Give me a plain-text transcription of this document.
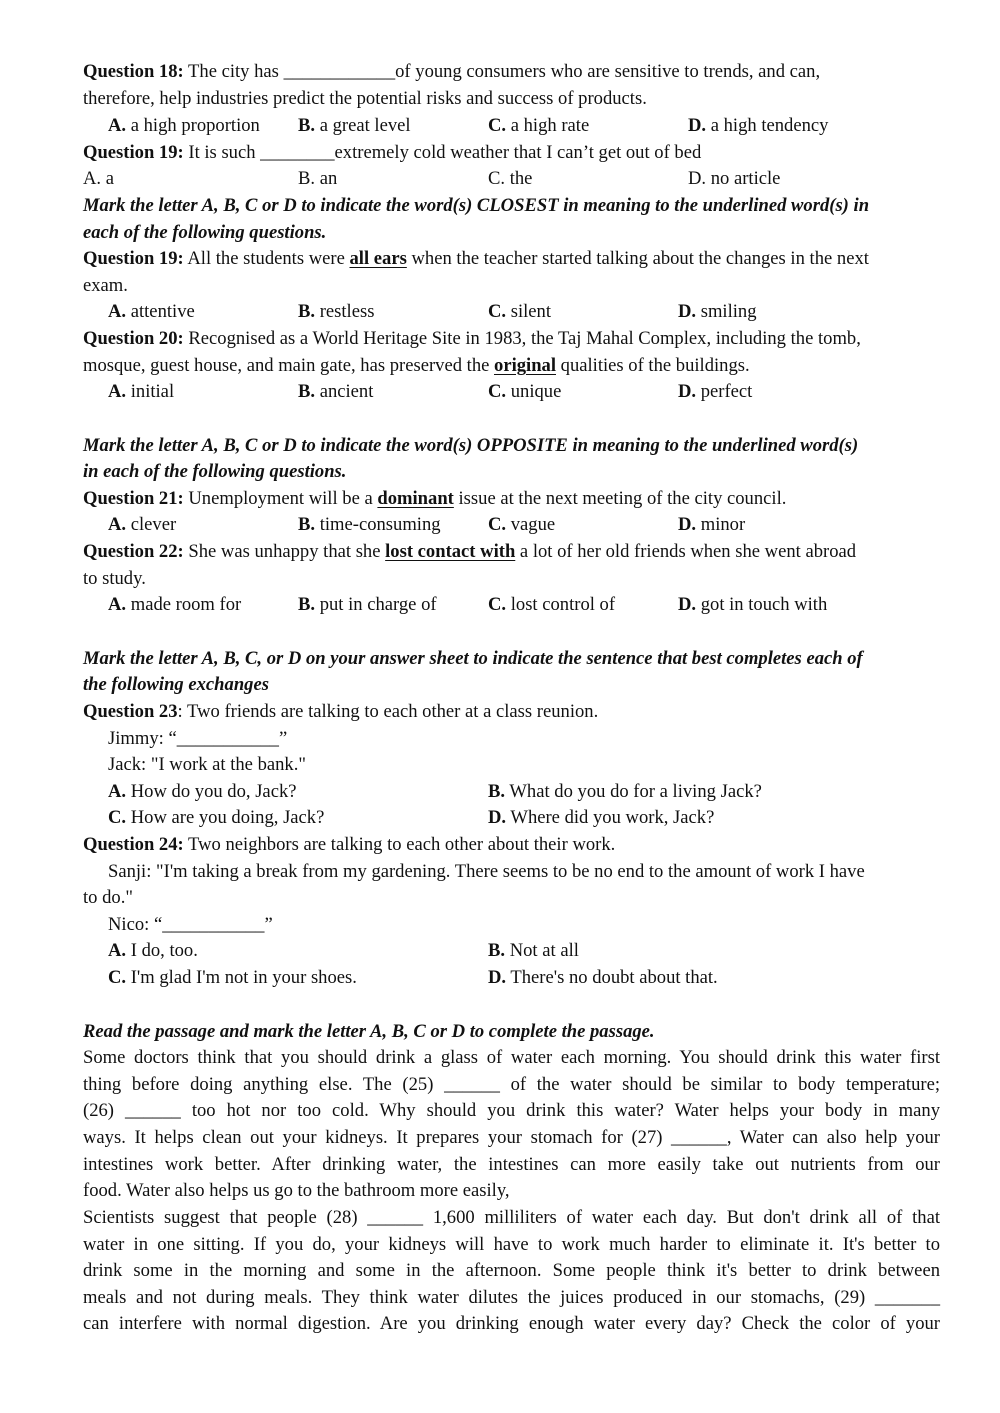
Question 18: The city has ____________of young consumers who are sensitive to trends, and can,
therefore, help industries predict the potential risks and success of products.
A. a high proportion B. a great level	C. a high rate	D. a high tendency
Question 19: It is such ________extremely cold weather that I can’t get out of bed
A. a	B. an	C. the	D. no article
Mark the letter A, B, C or D to indicate the word(s) CLOSEST in meaning to the underlined word(s) in
each of the following questions.
Question 19: All the students were all ears when the teacher started talking about the changes in the next
exam.
A. attentive	B. restless	C. silent	D. smiling
Question 20: Recognised as a World Heritage Site in 1983, the Taj Mahal Complex, including the tomb,
mosque, guest house, and main gate, has preserved the original qualities of the buildings.
A. initial	B. ancient	C. unique	D. perfect
Mark the letter A, B, C or D to indicate the word(s) OPPOSITE in meaning to the underlined word(s)
in each of the following questions.
Question 21: Unemployment will be a dominant issue at the next meeting of the city council.
A. clever	B. time-consuming	C. vague	D. minor
Question 22: She was unhappy that she lost contact with a lot of her old friends when she went abroad
to study.
A. made room for	B. put in charge of	C. lost control of	D. got in touch with
Mark the letter A, B, C, or D on your answer sheet to indicate the sentence that best completes each of
the following exchanges
Question 23: Two friends are talking to each other at a class reunion.
Jimmy: “___________”
Jack: "I work at the bank."
A. How do you do, Jack?	B. What do you do for a living Jack?
C. How are you doing, Jack?	D. Where did you work, Jack?
Question 24: Two neighbors are talking to each other about their work.
Sanji: "I'm taking a break from my gardening. There seems to be no end to the amount of work I have
to do."
Nico: “___________”
A. I do, too.	B. Not at all
C. I'm glad I'm not in your shoes.	D. There's no doubt about that.
Read the passage and mark the letter A, B, C or D to complete the passage.
Some doctors think that you should drink a glass of water each morning. You should drink this water first
thing before doing anything else. The (25) ______ of the water should be similar to body temperature;
(26) ______ too hot nor too cold. Why should you drink this water? Water helps your body in many
ways. It helps clean out your kidneys. It prepares your stomach for (27) ______, Water can also help your
intestines work better. After drinking water, the intestines can more easily take out nutrients from our
food. Water also helps us go to the bathroom more easily,
Scientists suggest that people (28) ______ 1,600 milliliters of water each day. But don't drink all of that
water in one sitting. If you do, your kidneys will have to work much harder to eliminate it. It's better to
drink some in the morning and some in the afternoon. Some people think it's better to drink between
meals and not during meals. They think water dilutes the juices produced in our stomachs, (29) _______
can interfere with normal digestion. Are you drinking enough water every day? Check the color of your
